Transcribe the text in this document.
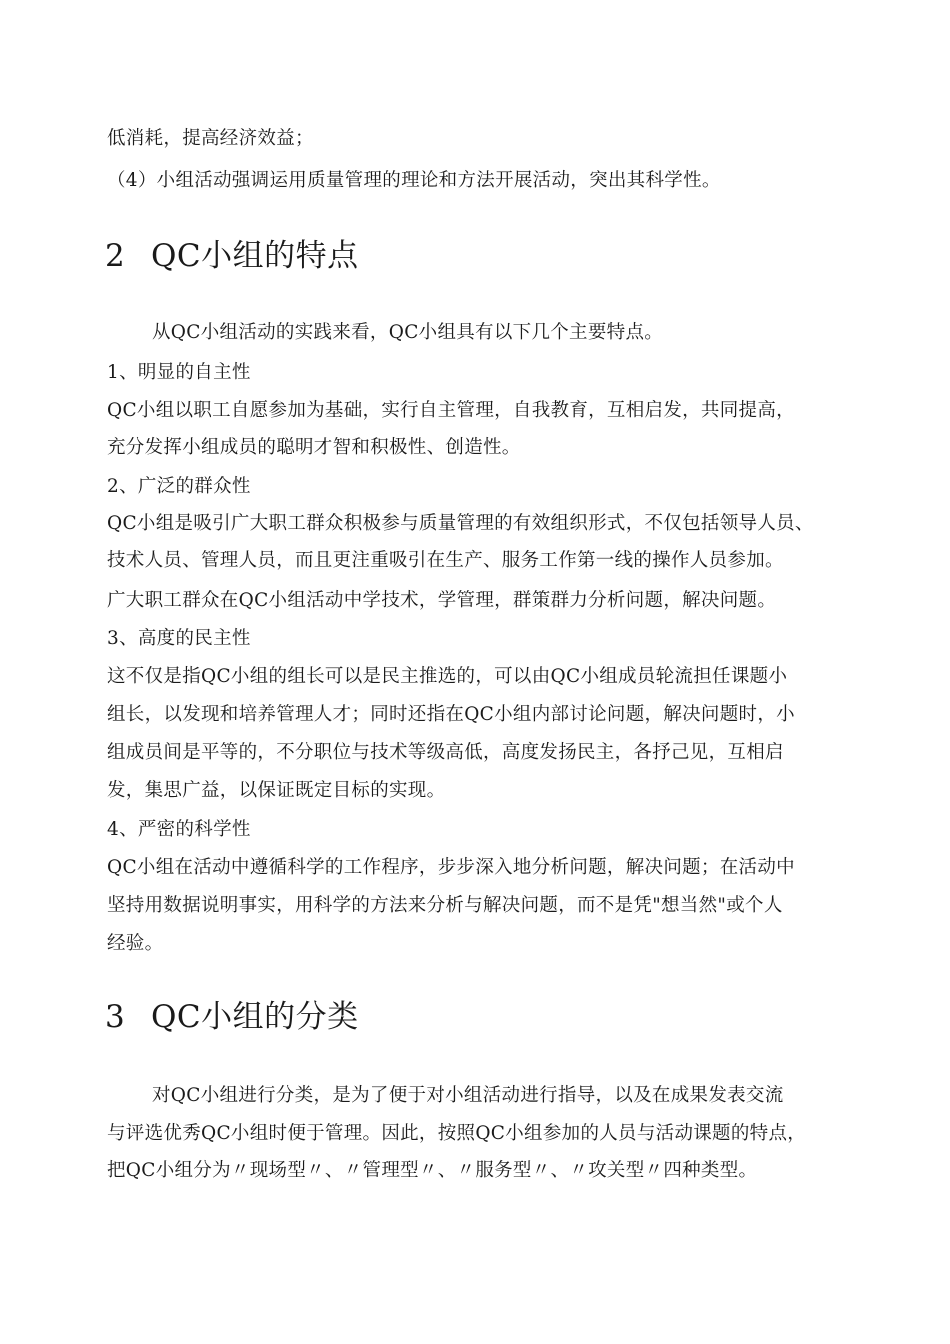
低消耗，提高经济效益；
（4）小组活动强调运用质量管理的理论和方法开展活动，突出其科学性。
2 QC小组的特点
从QC小组活动的实践来看，QC小组具有以下几个主要特点。
1、明显的自主性
QC小组以职工自愿参加为基础，实行自主管理，自我教育，互相启发，共同提高，
充分发挥小组成员的聪明才智和积极性、创造性。
2、广泛的群众性
QC小组是吸引广大职工群众积极参与质量管理的有效组织形式，不仅包括领导人员、
技术人员、管理人员，而且更注重吸引在生产、服务工作第一线的操作人员参加。
广大职工群众在QC小组活动中学技术，学管理，群策群力分析问题，解决问题。
3、高度的民主性
这不仅是指QC小组的组长可以是民主推选的，可以由QC小组成员轮流担任课题小
组长，以发现和培养管理人才；同时还指在QC小组内部讨论问题，解决问题时，小
组成员间是平等的，不分职位与技术等级高低，高度发扬民主，各抒己见，互相启
发，集思广益，以保证既定目标的实现。
4、严密的科学性
QC小组在活动中遵循科学的工作程序，步步深入地分析问题，解决问题；在活动中
坚持用数据说明事实，用科学的方法来分析与解决问题，而不是凭"想当然"或个人
经验。
3 QC小组的分类
对QC小组进行分类，是为了便于对小组活动进行指导，以及在成果发表交流
与评选优秀QC小组时便于管理。因此，按照QC小组参加的人员与活动课题的特点，
把QC小组分为〃现场型〃、〃管理型〃、〃服务型〃、〃攻关型〃四种类型。
